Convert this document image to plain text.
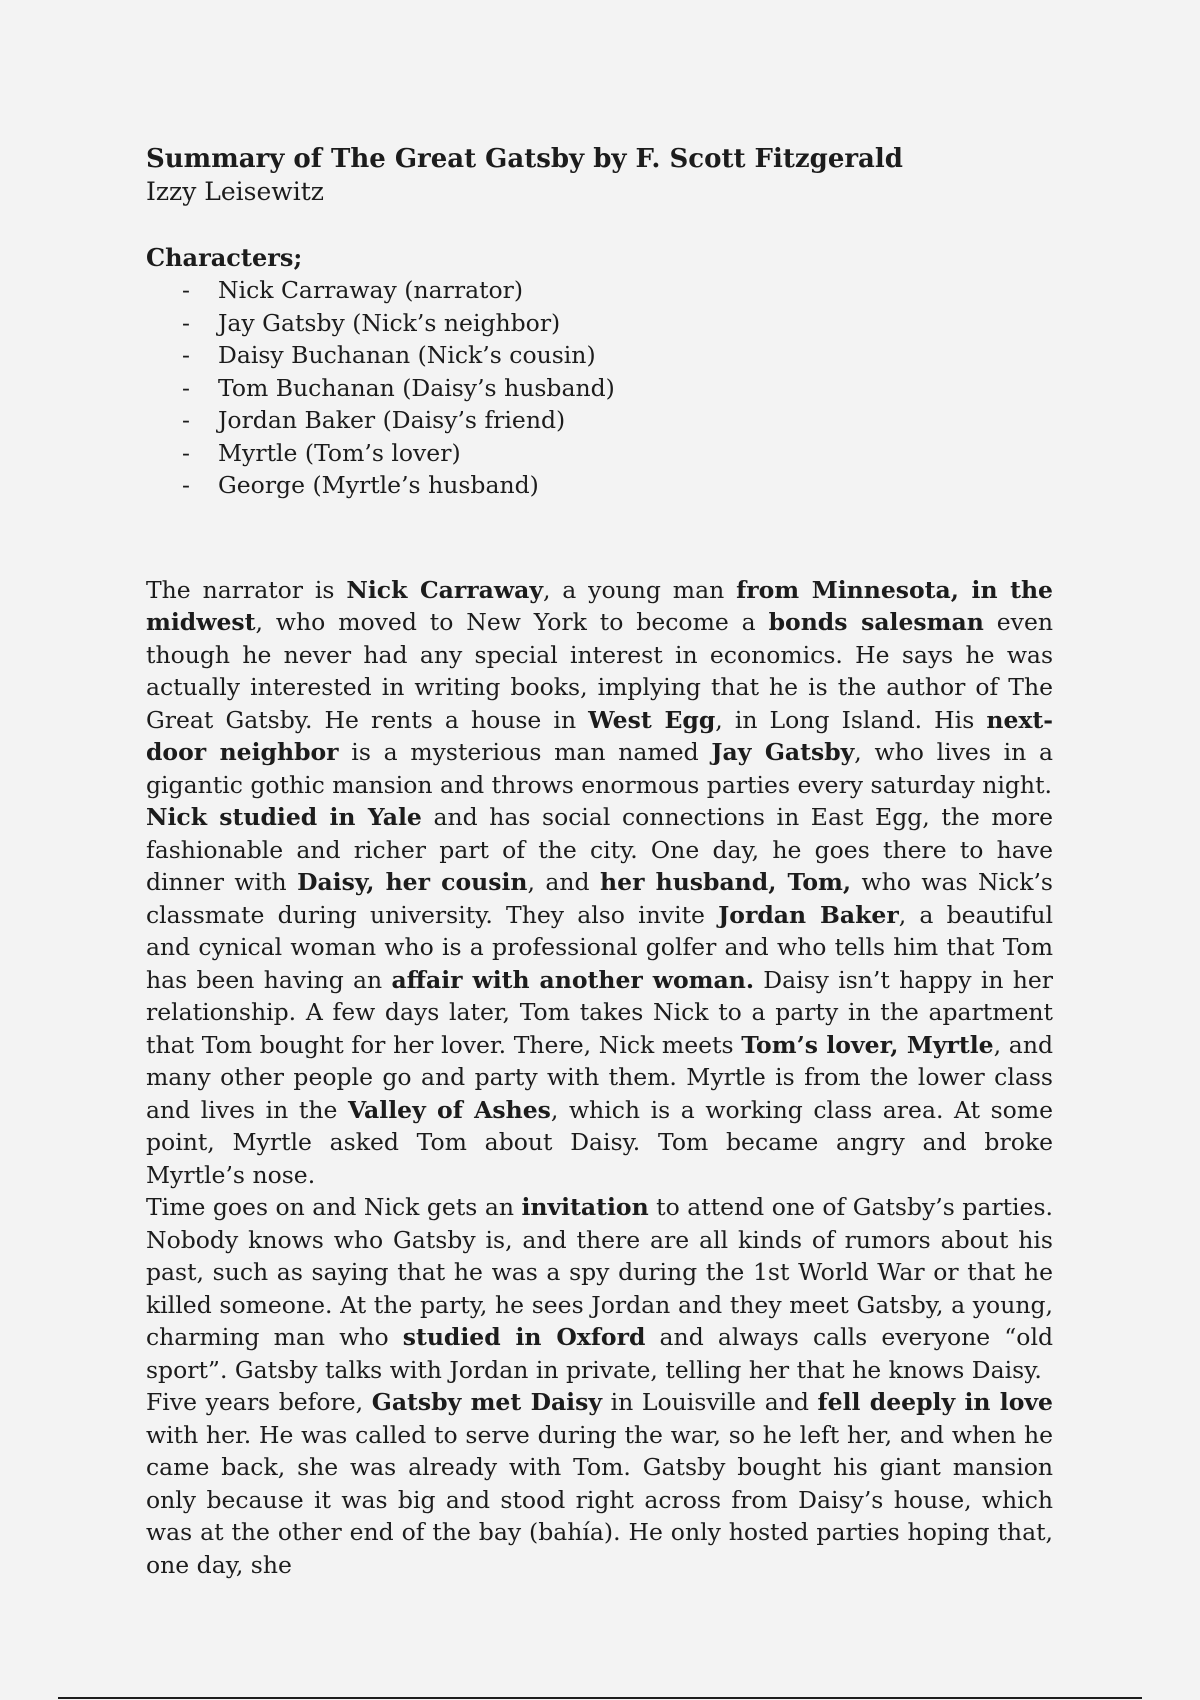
Summary of The Great Gatsby by F. Scott Fitzgerald
Izzy Leisewitz
Characters;
- Nick Carraway (narrator)
- Jay Gatsby (Nick’s neighbor)
- Daisy Buchanan (Nick’s cousin)
- Tom Buchanan (Daisy’s husband)
- Jordan Baker (Daisy’s friend)
- Myrtle (Tom’s lover)
- George (Myrtle’s husband)

The narrator is Nick Carraway, a young man from Minnesota, in the midwest, who moved to New York to become a bonds salesman even though he never had any special interest in economics. He says he was actually interested in writing books, implying that he is the author of The Great Gatsby. He rents a house in West Egg, in Long Island. His next-door neighbor is a mysterious man named Jay Gatsby, who lives in a gigantic gothic mansion and throws enormous parties every saturday night.

Nick studied in Yale and has social connections in East Egg, the more fashionable and richer part of the city. One day, he goes there to have dinner with Daisy, her cousin, and her husband, Tom, who was Nick’s classmate during university. They also invite Jordan Baker, a beautiful and cynical woman who is a professional golfer and who tells him that Tom has been having an affair with another woman. Daisy isn’t happy in her relationship. A few days later, Tom takes Nick to a party in the apartment that Tom bought for her lover. There, Nick meets Tom’s lover, Myrtle, and many other people go and party with them. Myrtle is from the lower class and lives in the Valley of Ashes, which is a working class area. At some point, Myrtle asked Tom about Daisy. Tom became angry and broke Myrtle’s nose.

Time goes on and Nick gets an invitation to attend one of Gatsby’s parties. Nobody knows who Gatsby is, and there are all kinds of rumors about his past, such as saying that he was a spy during the 1st World War or that he killed someone. At the party, he sees Jordan and they meet Gatsby, a young, charming man who studied in Oxford and always calls everyone “old sport”. Gatsby talks with Jordan in private, telling her that he knows Daisy.

Five years before, Gatsby met Daisy in Louisville and fell deeply in love with her. He was called to serve during the war, so he left her, and when he came back, she was already with Tom. Gatsby bought his giant mansion only because it was big and stood right across from Daisy’s house, which was at the other end of the bay (bahía). He only hosted parties hoping that, one day, she
